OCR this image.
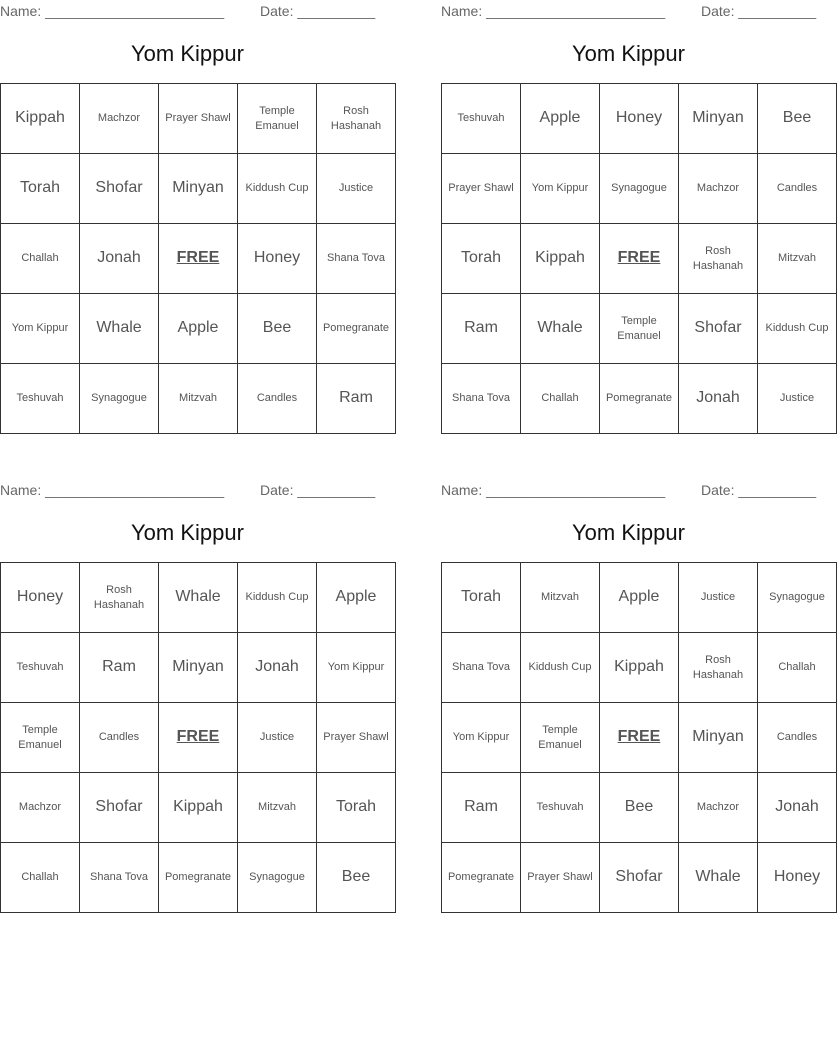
Name: _______________________	Date: __________
Yom Kippur
Kippah	Machzor	Prayer Shawl	Temple Emanuel	Rosh Hashanah
Torah	Shofar	Minyan	Kiddush Cup	Justice
Challah	Jonah	FREE	Honey	Shana Tova
Yom Kippur	Whale	Apple	Bee	Pomegranate
Teshuvah	Synagogue	Mitzvah	Candles	Ram
Name: _______________________	Date: __________
Yom Kippur
Teshuvah	Apple	Honey	Minyan	Bee
Prayer Shawl	Yom Kippur	Synagogue	Machzor	Candles
Torah	Kippah	FREE	Rosh Hashanah	Mitzvah
Ram	Whale	Temple Emanuel	Shofar	Kiddush Cup
Shana Tova	Challah	Pomegranate	Jonah	Justice
Name: _______________________	Date: __________
Yom Kippur
Honey	Rosh Hashanah	Whale	Kiddush Cup	Apple
Teshuvah	Ram	Minyan	Jonah	Yom Kippur
Temple Emanuel	Candles	FREE	Justice	Prayer Shawl
Machzor	Shofar	Kippah	Mitzvah	Torah
Challah	Shana Tova	Pomegranate	Synagogue	Bee
Name: _______________________	Date: __________
Yom Kippur
Torah	Mitzvah	Apple	Justice	Synagogue
Shana Tova	Kiddush Cup	Kippah	Rosh Hashanah	Challah
Yom Kippur	Temple Emanuel	FREE	Minyan	Candles
Ram	Teshuvah	Bee	Machzor	Jonah
Pomegranate	Prayer Shawl	Shofar	Whale	Honey
